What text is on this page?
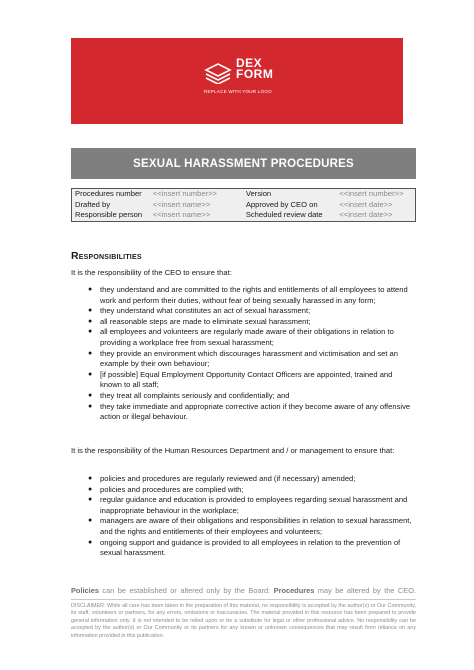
DEX
FORM
REPLACE WITH YOUR LOGO
SEXUAL HARASSMENT PROCEDURES
Procedures number	<<insert number>>	Version	<<insert number>>
Drafted by	<<insert name>>	Approved by CEO on	<<insert date>>
Responsible person	<<insert name>>	Scheduled review date	<<insert date>>
Responsibilities
It is the responsibility of the CEO to ensure that:
● they understand and are committed to the rights and entitlements of all employees to attend work and perform their duties, without fear of being sexually harassed in any form;
● they understand what constitutes an act of sexual harassment;
● all reasonable steps are made to eliminate sexual harassment;
● all employees and volunteers are regularly made aware of their obligations in relation to providing a workplace free from sexual harassment;
● they provide an environment which discourages harassment and victimisation and set an example by their own behaviour;
● [if possible] Equal Employment Opportunity Contact Officers are appointed, trained and known to all staff;
● they treat all complaints seriously and confidentially; and
● they take immediate and appropriate corrective action if they become aware of any offensive action or illegal behaviour.
It is the responsibility of the Human Resources Department and / or management to ensure that:
● policies and procedures are regularly reviewed and (if necessary) amended;
● policies and procedures are complied with;
● regular guidance and education is provided to employees regarding sexual harassment and inappropriate behaviour in the workplace;
● managers are aware of their obligations and responsibilities in relation to sexual harassment, and the rights and entitlements of their employees and volunteers;
● ongoing support and guidance is provided to all employees in relation to the prevention of sexual harassment.
Policies can be established or altered only by the Board: Procedures may be altered by the CEO.
DISCLAIMER: While all care has been taken in the preparation of this material, no responsibility is accepted by the author(s) or Our Community, its staff, volunteers or partners, for any errors, omissions or inaccuracies. The material provided in this resource has been prepared to provide general information only. It is not intended to be relied upon or be a substitute for legal or other professional advice. No responsibility can be accepted by the author(s) or Our Community or its partners for any known or unknown consequences that may result from reliance on any information provided in this publication.
